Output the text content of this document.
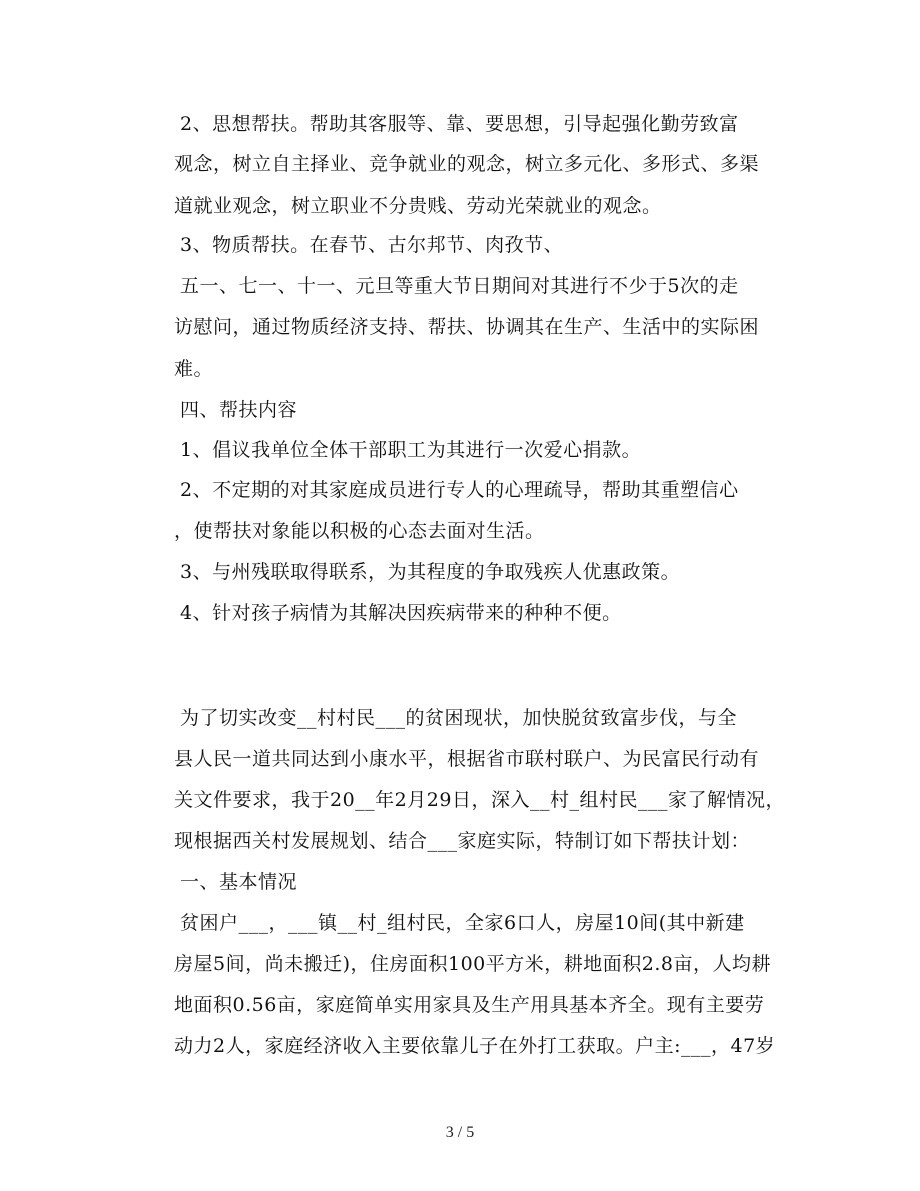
2、思想帮扶。帮助其客服等、靠、要思想，引导起强化勤劳致富

观念，树立自主择业、竞争就业的观念，树立多元化、多形式、多渠

道就业观念，树立职业不分贵贱、劳动光荣就业的观念。

3、物质帮扶。在春节、古尔邦节、肉孜节、

五一、七一、十一、元旦等重大节日期间对其进行不少于5次的走

访慰问，通过物质经济支持、帮扶、协调其在生产、生活中的实际困

难。

四、帮扶内容

1、倡议我单位全体干部职工为其进行一次爱心捐款。

2、不定期的对其家庭成员进行专人的心理疏导，帮助其重塑信心

，使帮扶对象能以积极的心态去面对生活。

3、与州残联取得联系，为其程度的争取残疾人优惠政策。

4、针对孩子病情为其解决因疾病带来的种种不便。

为了切实改变__村村民___的贫困现状，加快脱贫致富步伐，与全

县人民一道共同达到小康水平，根据省市联村联户、为民富民行动有

关文件要求，我于20__年2月29日，深入__村_组村民___家了解情况，

现根据西关村发展规划、结合___家庭实际，特制订如下帮扶计划：

一、基本情况

贫困户___，___镇__村_组村民，全家6口人，房屋10间(其中新建

房屋5间，尚未搬迁)，住房面积100平方米，耕地面积2.8亩，人均耕

地面积0.56亩，家庭简单实用家具及生产用具基本齐全。现有主要劳

动力2人，家庭经济收入主要依靠儿子在外打工获取。户主:___，47岁

3 / 5
